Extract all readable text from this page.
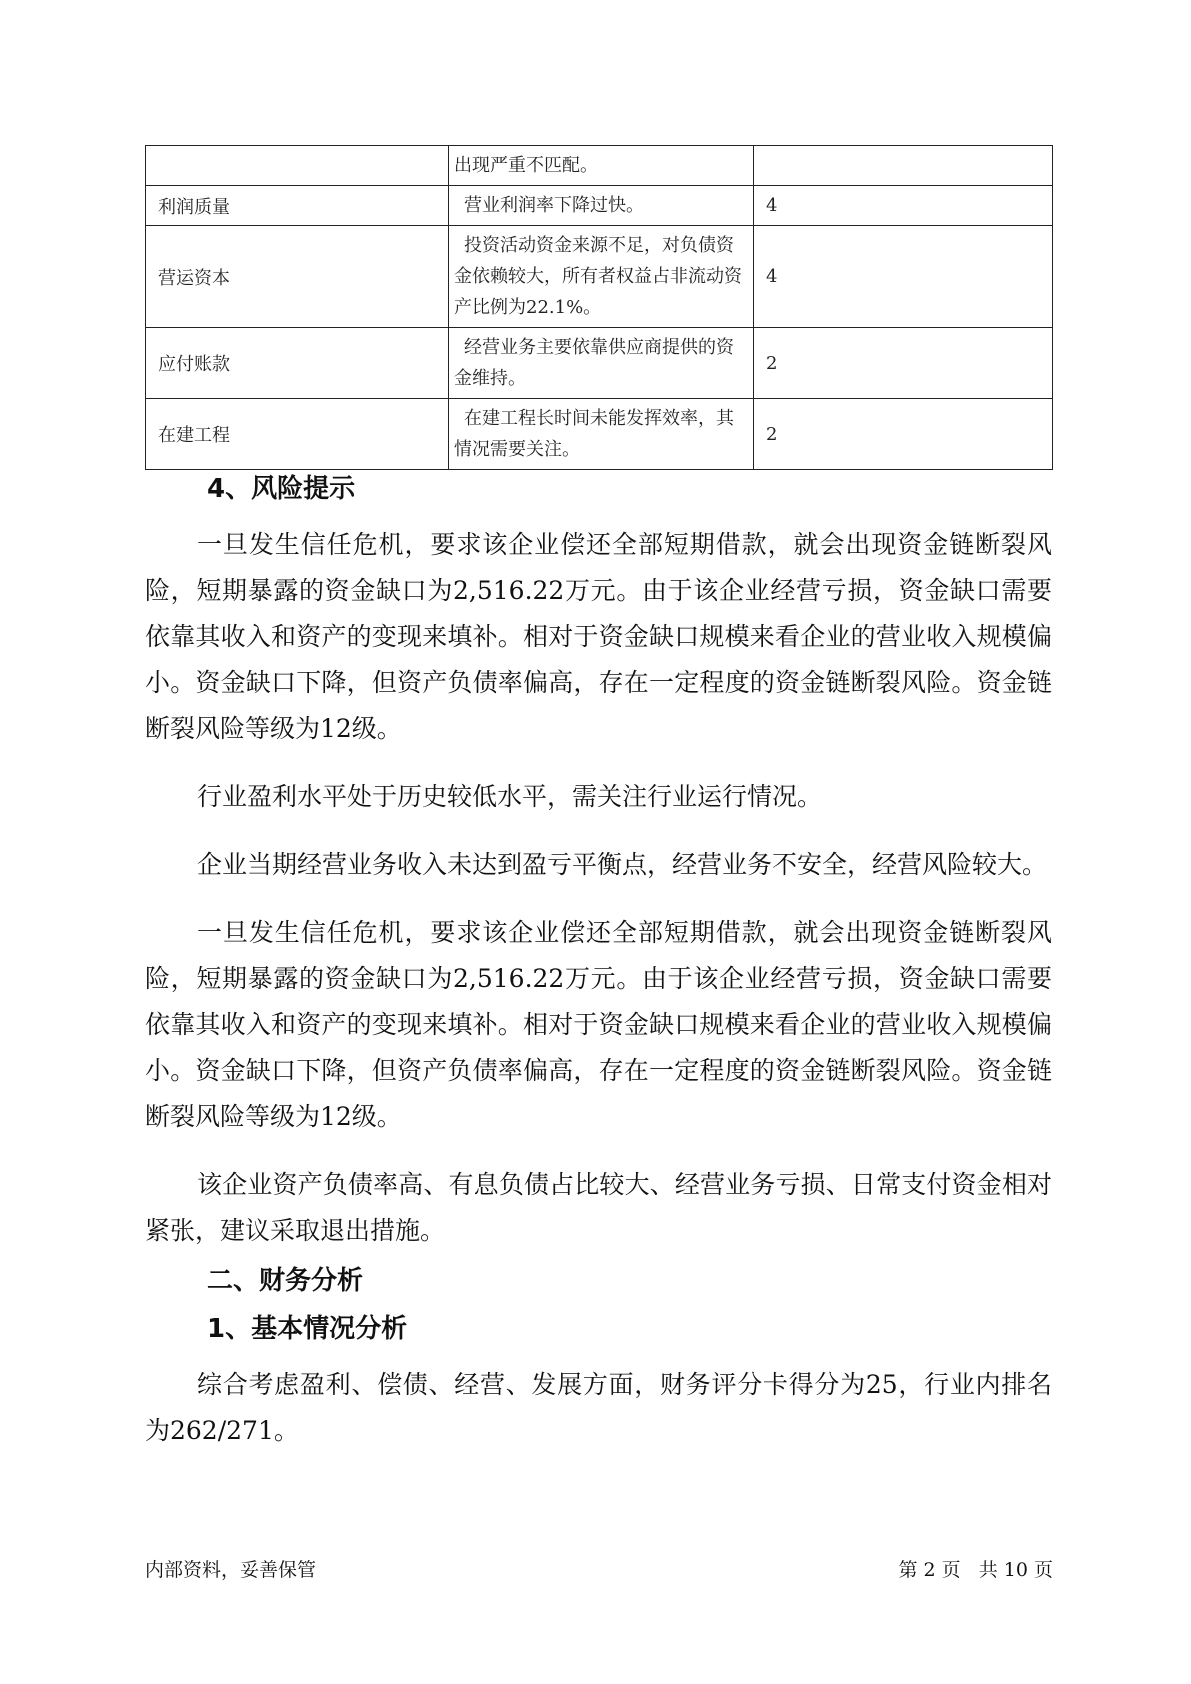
	出现严重不匹配。	
利润质量	营业利润率下降过快。	4
营运资本	投资活动资金来源不足，对负债资金依赖较大，所有者权益占非流动资产比例为22.1%。	4
应付账款	经营业务主要依靠供应商提供的资金维持。	2
在建工程	在建工程长时间未能发挥效率，其情况需要关注。	2
4、风险提示

一旦发生信任危机，要求该企业偿还全部短期借款，就会出现资金链断裂风险，短期暴露的资金缺口为2,516.22万元。由于该企业经营亏损，资金缺口需要依靠其收入和资产的变现来填补。相对于资金缺口规模来看企业的营业收入规模偏小。资金缺口下降，但资产负债率偏高，存在一定程度的资金链断裂风险。资金链断裂风险等级为12级。

行业盈利水平处于历史较低水平，需关注行业运行情况。

企业当期经营业务收入未达到盈亏平衡点，经营业务不安全，经营风险较大。

一旦发生信任危机，要求该企业偿还全部短期借款，就会出现资金链断裂风险，短期暴露的资金缺口为2,516.22万元。由于该企业经营亏损，资金缺口需要依靠其收入和资产的变现来填补。相对于资金缺口规模来看企业的营业收入规模偏小。资金缺口下降，但资产负债率偏高，存在一定程度的资金链断裂风险。资金链断裂风险等级为12级。

该企业资产负债率高、有息负债占比较大、经营业务亏损、日常支付资金相对紧张，建议采取退出措施。

二、财务分析
1、基本情况分析

综合考虑盈利、偿债、经营、发展方面，财务评分卡得分为25，行业内排名为262/271。

内部资料，妥善保管	第 2 页   共 10 页
